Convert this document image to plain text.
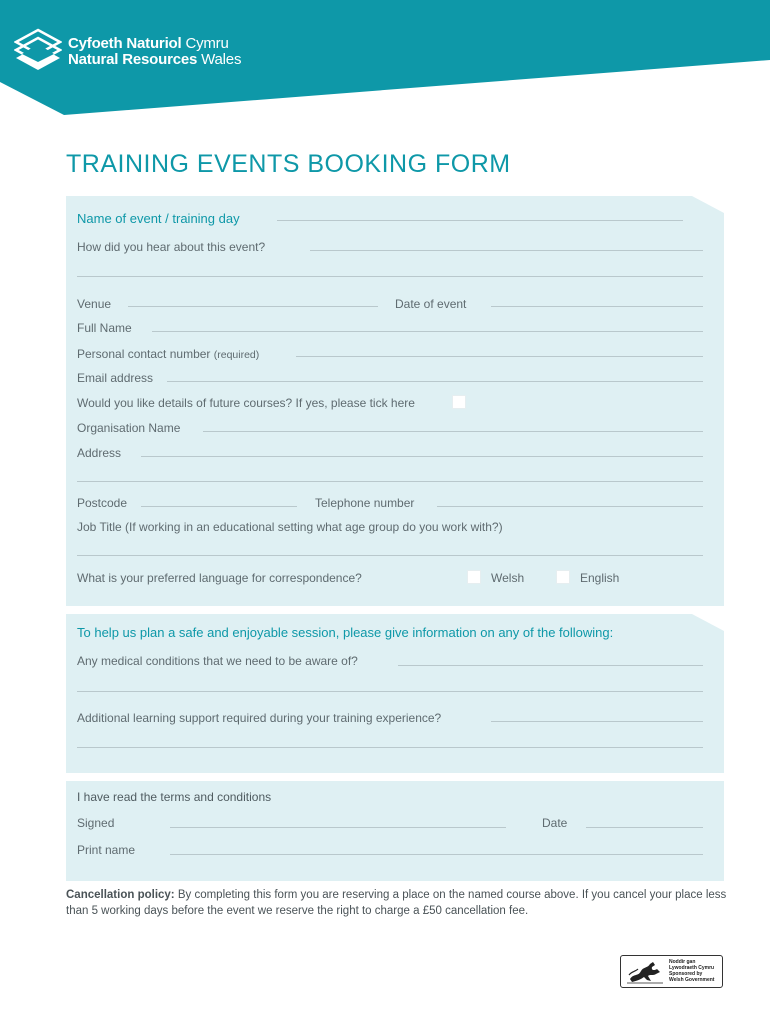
Cyfoeth Naturiol Cymru
Natural Resources Wales
TRAINING EVENTS BOOKING FORM
Name of event / training day
How did you hear about this event?
Venue	Date of event
Full Name
Personal contact number (required)
Email address
Would you like details of future courses? If yes, please tick here
Organisation Name
Address
Postcode	Telephone number
Job Title (If working in an educational setting what age group do you work with?)
What is your preferred language for correspondence?	Welsh	English
To help us plan a safe and enjoyable session, please give information on any of the following:
Any medical conditions that we need to be aware of?
Additional learning support required during your training experience?
I have read the terms and conditions
Signed	Date
Print name
Cancellation policy: By completing this form you are reserving a place on the named course above. If you cancel your place less than 5 working days before the event we reserve the right to charge a £50 cancellation fee.
Noddir gan
Lywodraeth Cymru
Sponsored by
Welsh Government
